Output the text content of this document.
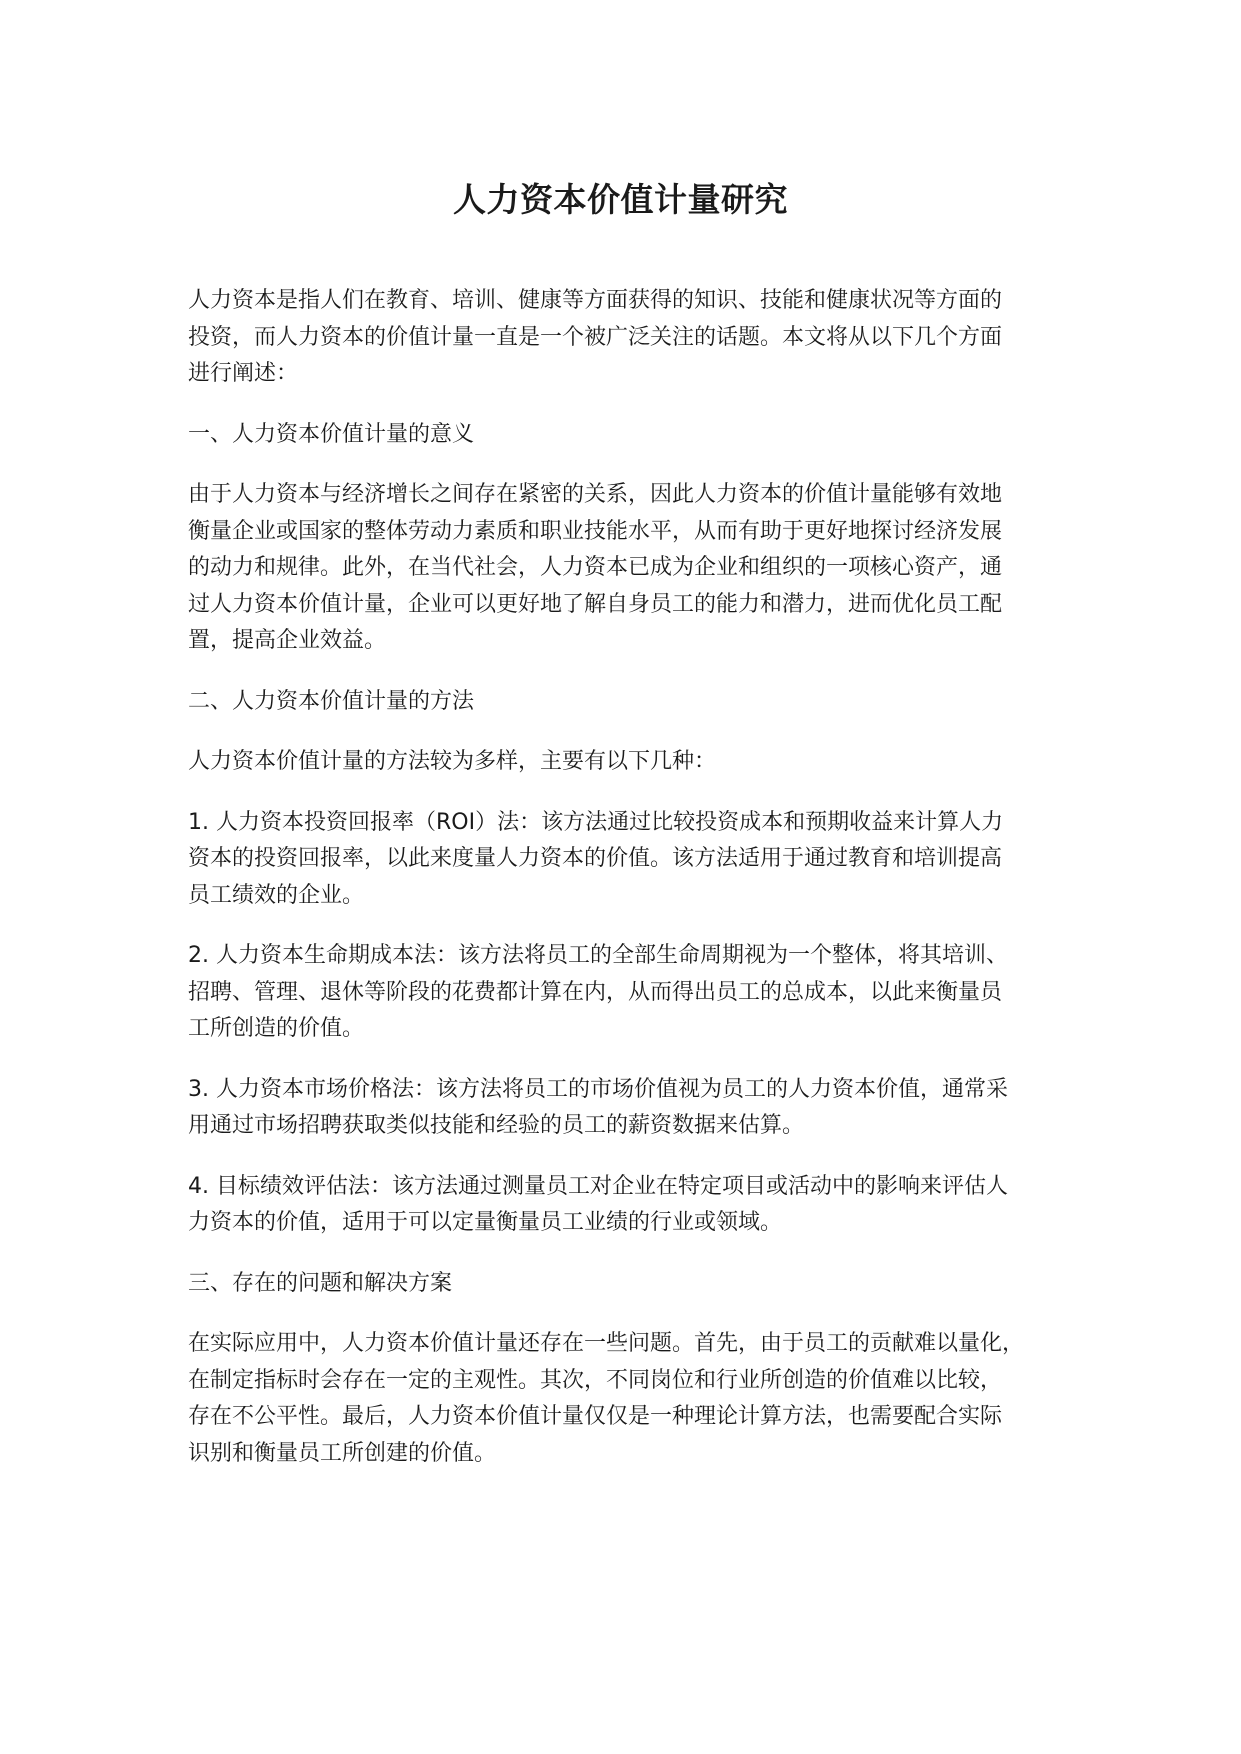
人力资本价值计量研究
人力资本是指人们在教育、培训、健康等方面获得的知识、技能和健康状况等方面的
投资，而人力资本的价值计量一直是一个被广泛关注的话题。本文将从以下几个方面
进行阐述：
一、人力资本价值计量的意义
由于人力资本与经济增长之间存在紧密的关系，因此人力资本的价值计量能够有效地
衡量企业或国家的整体劳动力素质和职业技能水平，从而有助于更好地探讨经济发展
的动力和规律。此外，在当代社会，人力资本已成为企业和组织的一项核心资产，通
过人力资本价值计量，企业可以更好地了解自身员工的能力和潜力，进而优化员工配
置，提高企业效益。
二、人力资本价值计量的方法
人力资本价值计量的方法较为多样，主要有以下几种：
1. 人力资本投资回报率（ROI）法：该方法通过比较投资成本和预期收益来计算人力
资本的投资回报率，以此来度量人力资本的价值。该方法适用于通过教育和培训提高
员工绩效的企业。
2. 人力资本生命期成本法：该方法将员工的全部生命周期视为一个整体，将其培训、
招聘、管理、退休等阶段的花费都计算在内，从而得出员工的总成本，以此来衡量员
工所创造的价值。
3. 人力资本市场价格法：该方法将员工的市场价值视为员工的人力资本价值，通常采
用通过市场招聘获取类似技能和经验的员工的薪资数据来估算。
4. 目标绩效评估法：该方法通过测量员工对企业在特定项目或活动中的影响来评估人
力资本的价值，适用于可以定量衡量员工业绩的行业或领域。
三、存在的问题和解决方案
在实际应用中，人力资本价值计量还存在一些问题。首先，由于员工的贡献难以量化，
在制定指标时会存在一定的主观性。其次，不同岗位和行业所创造的价值难以比较，
存在不公平性。最后，人力资本价值计量仅仅是一种理论计算方法，也需要配合实际
识别和衡量员工所创建的价值。
